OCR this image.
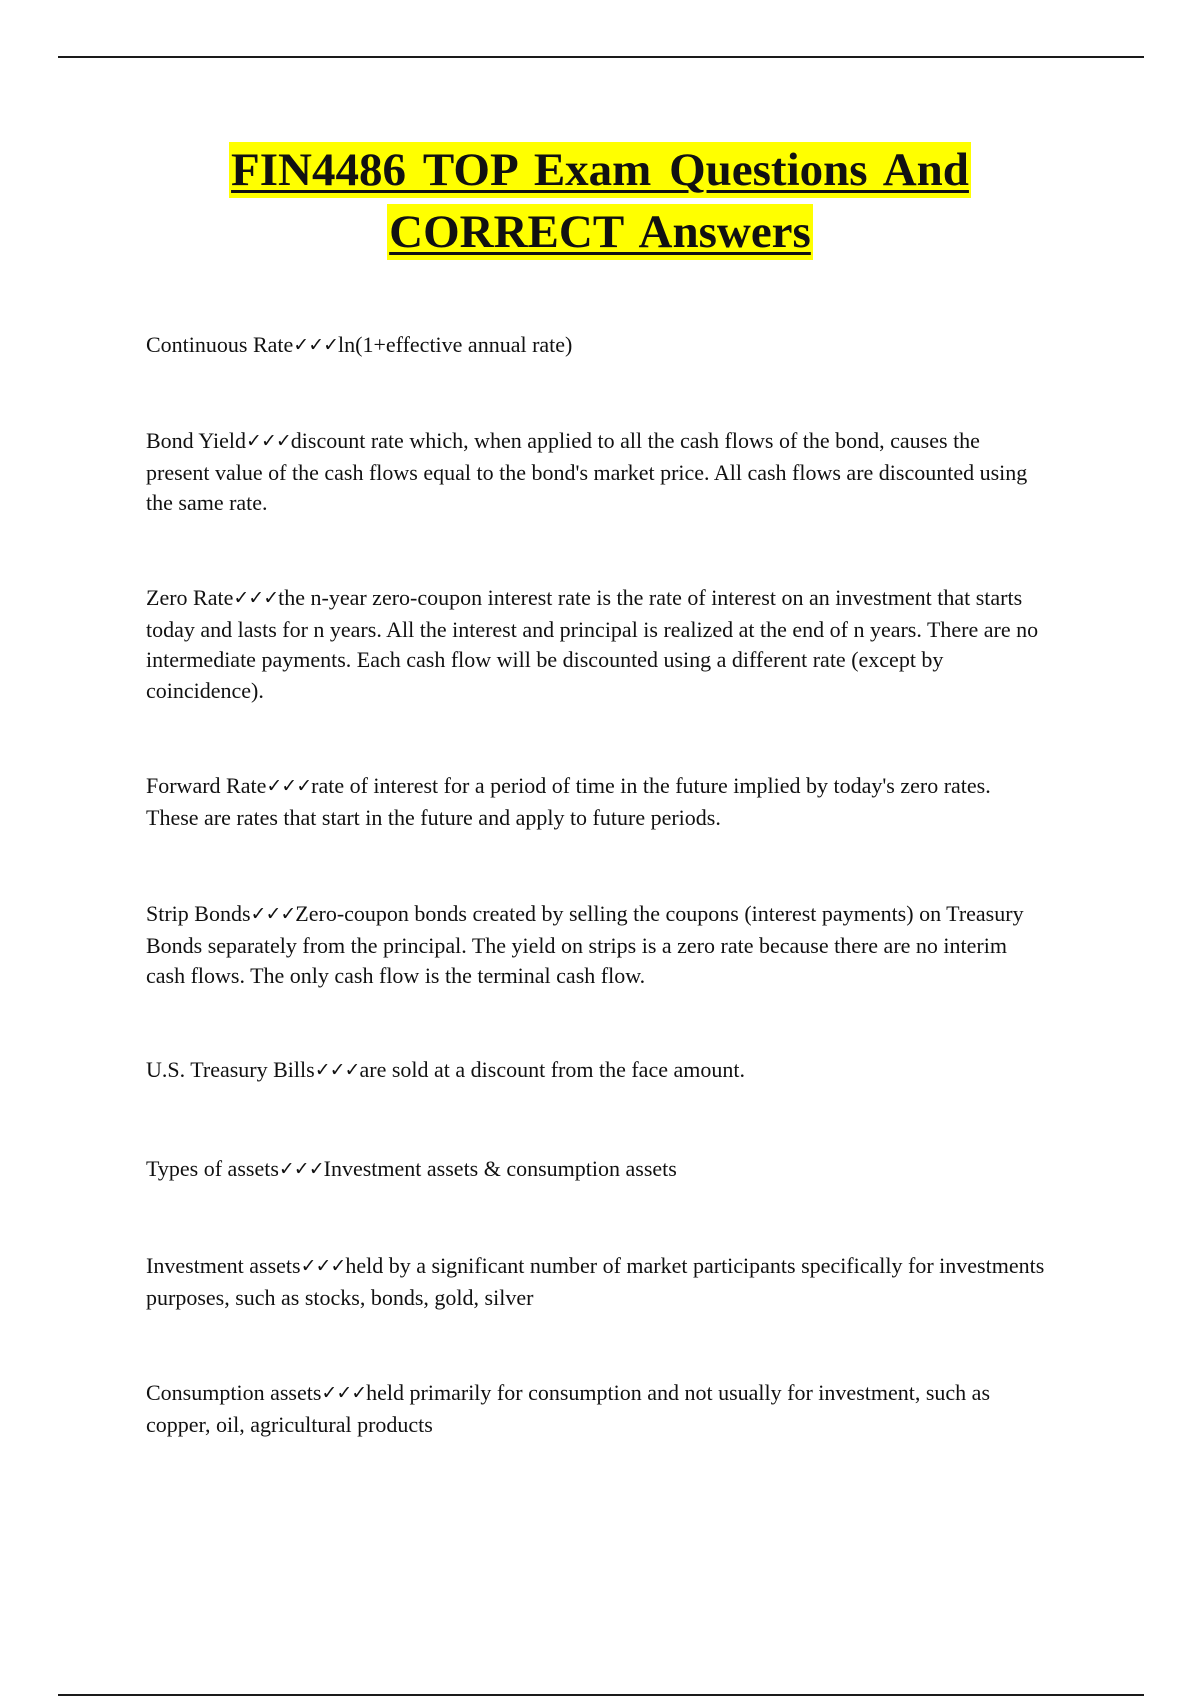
FIN4486 TOP Exam Questions And
CORRECT Answers

Continuous Rate✓✓✓ln(1+effective annual rate)

Bond Yield✓✓✓discount rate which, when applied to all the cash flows of the bond, causes the present value of the cash flows equal to the bond's market price. All cash flows are discounted using the same rate.

Zero Rate✓✓✓the n-year zero-coupon interest rate is the rate of interest on an investment that starts today and lasts for n years. All the interest and principal is realized at the end of n years. There are no intermediate payments. Each cash flow will be discounted using a different rate (except by coincidence).

Forward Rate✓✓✓rate of interest for a period of time in the future implied by today's zero rates. These are rates that start in the future and apply to future periods.

Strip Bonds✓✓✓Zero-coupon bonds created by selling the coupons (interest payments) on Treasury Bonds separately from the principal. The yield on strips is a zero rate because there are no interim cash flows. The only cash flow is the terminal cash flow.

U.S. Treasury Bills✓✓✓are sold at a discount from the face amount.

Types of assets✓✓✓Investment assets & consumption assets

Investment assets✓✓✓held by a significant number of market participants specifically for investments purposes, such as stocks, bonds, gold, silver

Consumption assets✓✓✓held primarily for consumption and not usually for investment, such as copper, oil, agricultural products
